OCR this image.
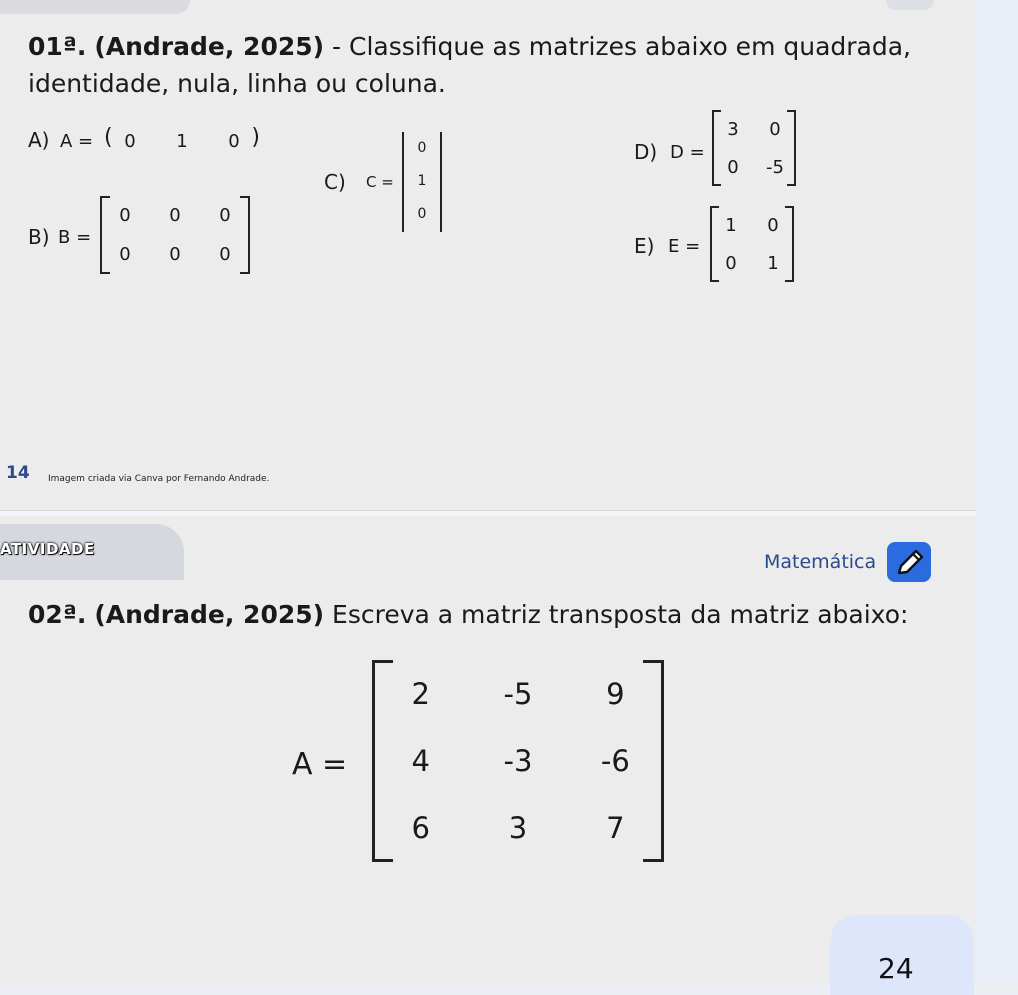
01ª. (Andrade, 2025) - Classifique as matrizes abaixo em quadrada, identidade, nula, linha ou coluna.
A) A = (	)
0 1 0
B) B =
0 0 0
0 0 0
C) C =
0
1
0
D) D =
3 0
0 -5
E) E =
1 0
0 1
14 Imagem criada via Canva por Fernando Andrade.
ATIVIDADE
Matemática
02ª. (Andrade, 2025) Escreva a matriz transposta da matriz abaixo:
A =
2	-5	9
4	-3 -6
6	3	7
24
